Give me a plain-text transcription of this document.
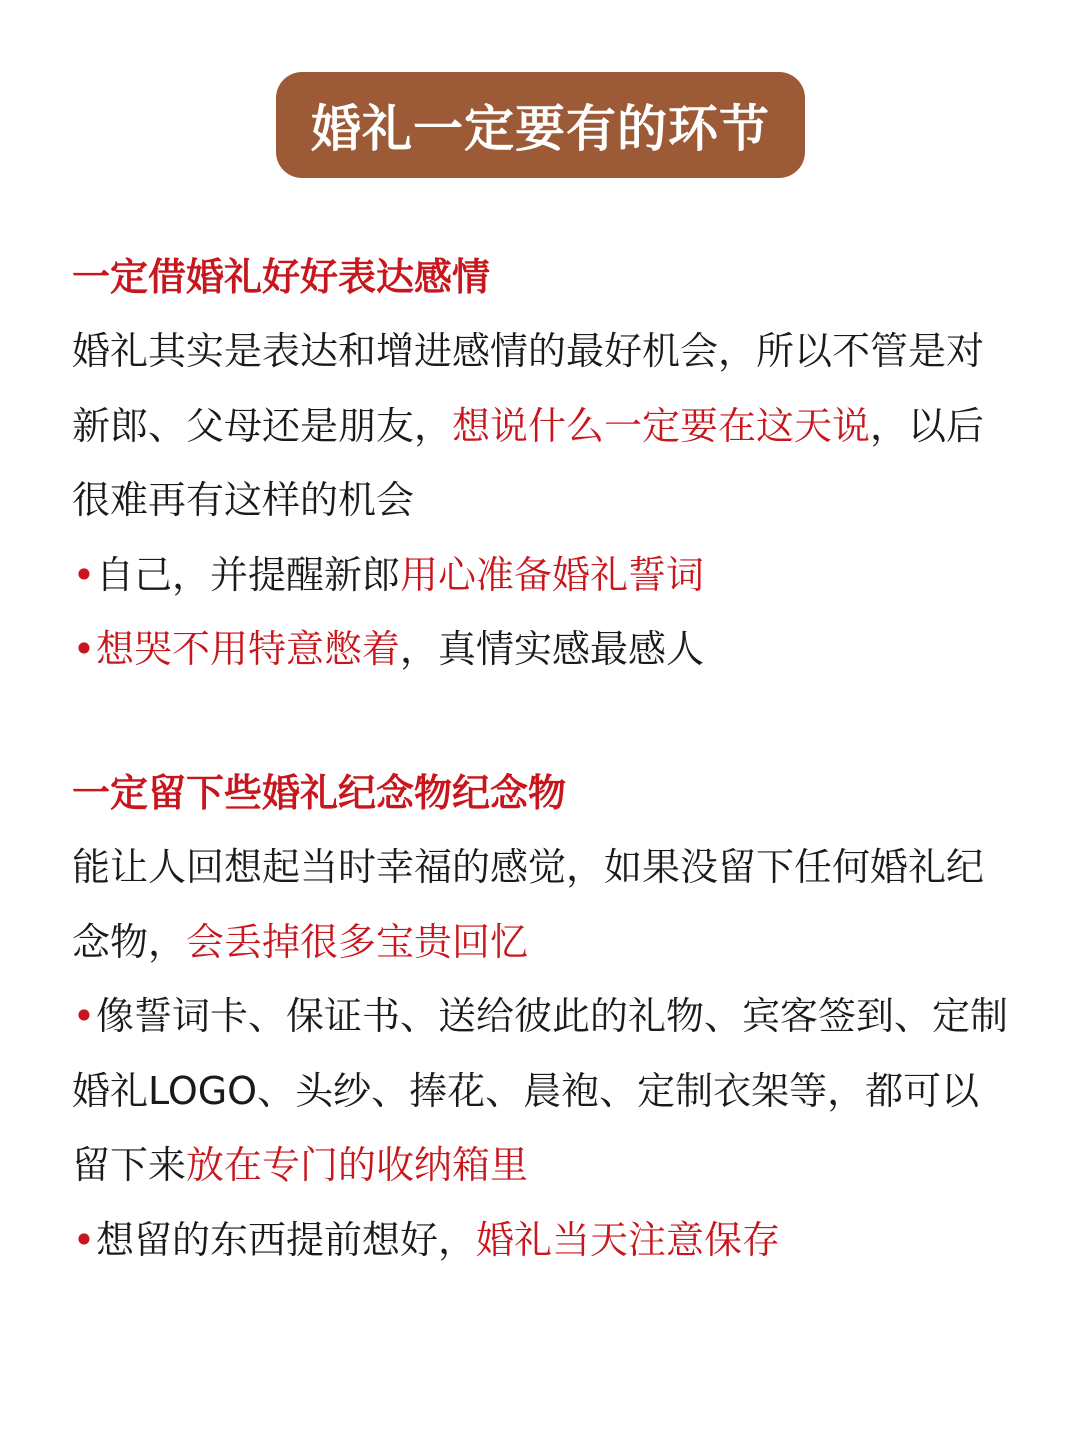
婚礼一定要有的环节
一定借婚礼好好表达感情
婚礼其实是表达和增进感情的最好机会，所以不管是对
新郎、父母还是朋友，想说什么一定要在这天说，以后
很难再有这样的机会
•自己，并提醒新郎用心准备婚礼誓词
•想哭不用特意憋着，真情实感最感人
一定留下些婚礼纪念物纪念物
能让人回想起当时幸福的感觉，如果没留下任何婚礼纪
念物，会丢掉很多宝贵回忆
•像誓词卡、保证书、送给彼此的礼物、宾客签到、定制
婚礼LOGO、头纱、捧花、晨袍、定制衣架等，都可以
留下来放在专门的收纳箱里
•想留的东西提前想好，婚礼当天注意保存
